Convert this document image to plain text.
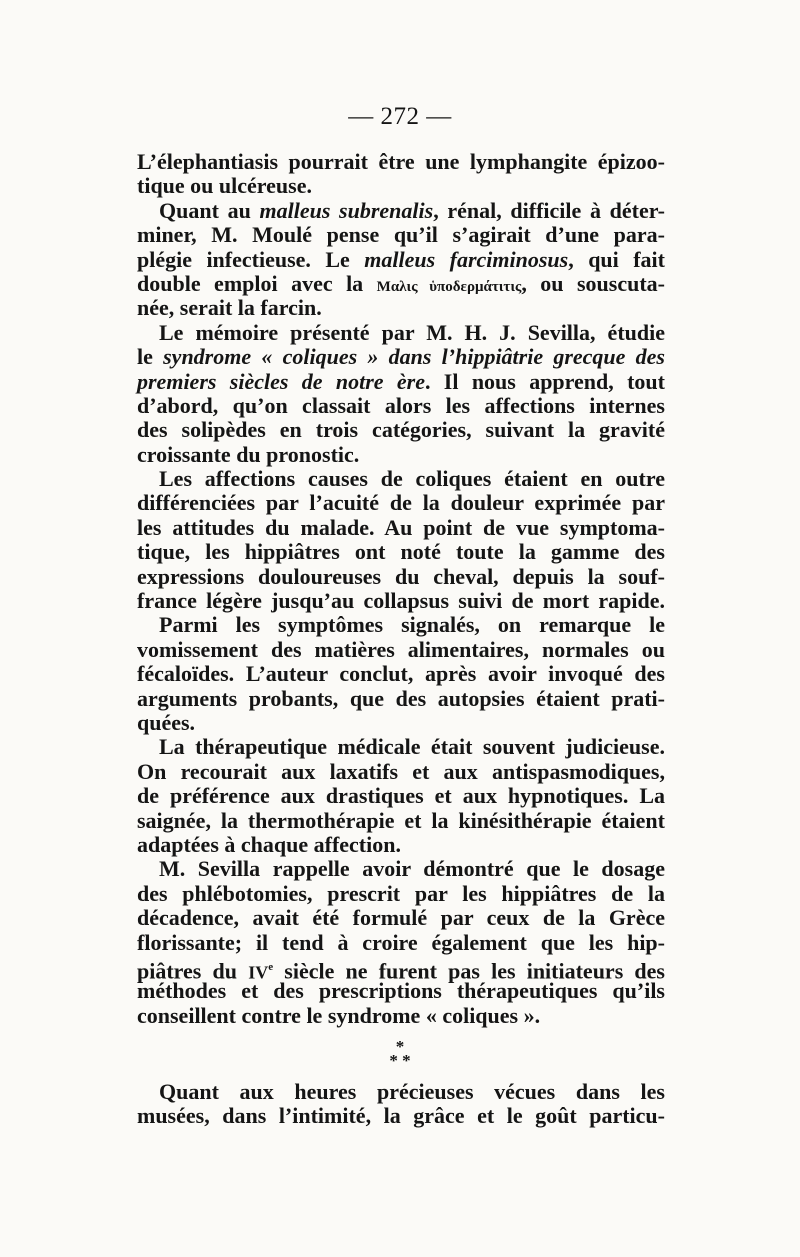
— 272 —
L’élephantiasis pourrait être une lymphangite épizoo-
tique ou ulcéreuse.
Quant au malleus subrenalis, rénal, difficile à déter-
miner, M. Moulé pense qu’il s’agirait d’une para-
plégie infectieuse. Le malleus farciminosus, qui fait
double emploi avec la Μαλις ὑποδερμάτιτις, ou souscuta-
née, serait la farcin.
Le mémoire présenté par M. H. J. Sevilla, étudie
le syndrome « coliques » dans l’hippiâtrie grecque des
premiers siècles de notre ère. Il nous apprend, tout
d’abord, qu’on classait alors les affections internes
des solipèdes en trois catégories, suivant la gravité
croissante du pronostic.
Les affections causes de coliques étaient en outre
différenciées par l’acuité de la douleur exprimée par
les attitudes du malade. Au point de vue symptoma-
tique, les hippiâtres ont noté toute la gamme des
expressions douloureuses du cheval, depuis la souf-
france légère jusqu’au collapsus suivi de mort rapide.
Parmi les symptômes signalés, on remarque le
vomissement des matières alimentaires, normales ou
fécaloïdes. L’auteur conclut, après avoir invoqué des
arguments probants, que des autopsies étaient prati-
quées.
La thérapeutique médicale était souvent judicieuse.
On recourait aux laxatifs et aux antispasmodiques,
de préférence aux drastiques et aux hypnotiques. La
saignée, la thermothérapie et la kinésithérapie étaient
adaptées à chaque affection.
M. Sevilla rappelle avoir démontré que le dosage
des phlébotomies, prescrit par les hippiâtres de la
décadence, avait été formulé par ceux de la Grèce
florissante; il tend à croire également que les hip-
piâtres du IVe siècle ne furent pas les initiateurs des
méthodes et des prescriptions thérapeutiques qu’ils
conseillent contre le syndrome « coliques ».
*
* *
Quant aux heures précieuses vécues dans les
musées, dans l’intimité, la grâce et le goût particu-
